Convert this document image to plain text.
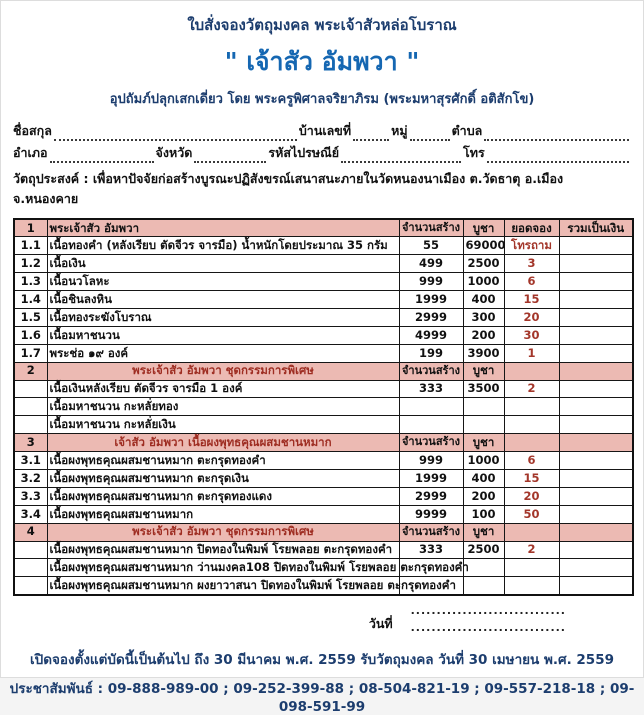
ใบสั่งจองวัตถุมงคล พระเจ้าสัวหล่อโบราณ
" เจ้าสัว อัมพวา "
อุปถัมภ์ปลุกเสกเดี่ยว โดย พระครูพิศาลจริยาภิรม (พระมหาสุรศักดิ์ อติสักโข)
ชื่อสกุล	บ้านเลขที่	หมู่	ตำบล
อำเภอ	จังหวัด	รหัสไปรษณีย์	โทร
วัตถุประสงค์ : เพื่อหาปัจจัยก่อสร้างบูรณะปฏิสังขรณ์เสนาสนะภายในวัดหนองนาเมือง ต.วัดธาตุ อ.เมือง จ.หนองคาย
1	พระเจ้าสัว อัมพวา	จำนวนสร้าง	บูชา	ยอดจอง	รวมเป็นเงิน
1.1	เนื้อทองคำ (หลังเรียบ ตัดจีวร จารมือ) น้ำหนักโดยประมาณ 35 กรัม	55	69000	โทรถาม	
1.2	เนื้อเงิน	499	2500	3	
1.3	เนื้อนวโลหะ	999	1000	6	
1.4	เนื้อชินลงหิน	1999	400	15	
1.5	เนื้อทองระฆังโบราณ	2999	300	20	
1.6	เนื้อมหาชนวน	4999	200	30	
1.7	พระช่อ ๑๙ องค์	199	3900	1	
2	พระเจ้าสัว อัมพวา ชุดกรรมการพิเศษ	จำนวนสร้าง	บูชา		
	เนื้อเงินหลังเรียบ ตัดจีวร จารมือ 1 องค์	333	3500	2	
	เนื้อมหาชนวน กะหลั่ยทอง				
	เนื้อมหาชนวน กะหลั่ยเงิน				
3	เจ้าสัว อัมพวา เนื้อผงพุทธคุณผสมชานหมาก	จำนวนสร้าง	บูชา		
3.1	เนื้อผงพุทธคุณผสมชานหมาก ตะกรุดทองคำ	999	1000	6	
3.2	เนื้อผงพุทธคุณผสมชานหมาก ตะกรุดเงิน	1999	400	15	
3.3	เนื้อผงพุทธคุณผสมชานหมาก ตะกรุดทองแดง	2999	200	20	
3.4	เนื้อผงพุทธคุณผสมชานหมาก	9999	100	50	
4	พระเจ้าสัว อัมพวา ชุดกรรมการพิเศษ	จำนวนสร้าง	บูชา		
	เนื้อผงพุทธคุณผสมชานหมาก ปิดทองในพิมพ์ โรยพลอย ตะกรุดทองคำ	333	2500	2	
	เนื้อผงพุทธคุณผสมชานหมาก ว่านมงคล108 ปิดทองในพิมพ์ โรยพลอย ตะกรุดทองคำ				
	เนื้อผงพุทธคุณผสมชานหมาก ผงยาวาสนา ปิดทองในพิมพ์ โรยพลอย ตะกรุดทองคำ				
..............................
วันที่ ..............................
เปิดจองตั้งแต่บัดนี้เป็นต้นไป ถึง 30 มีนาคม พ.ศ. 2559 รับวัตถุมงคล วันที่ 30 เมษายน พ.ศ. 2559
ประชาสัมพันธ์ : 09-888-989-00 ; 09-252-399-88 ; 08-504-821-19 ; 09-557-218-18 ; 09-098-591-99
